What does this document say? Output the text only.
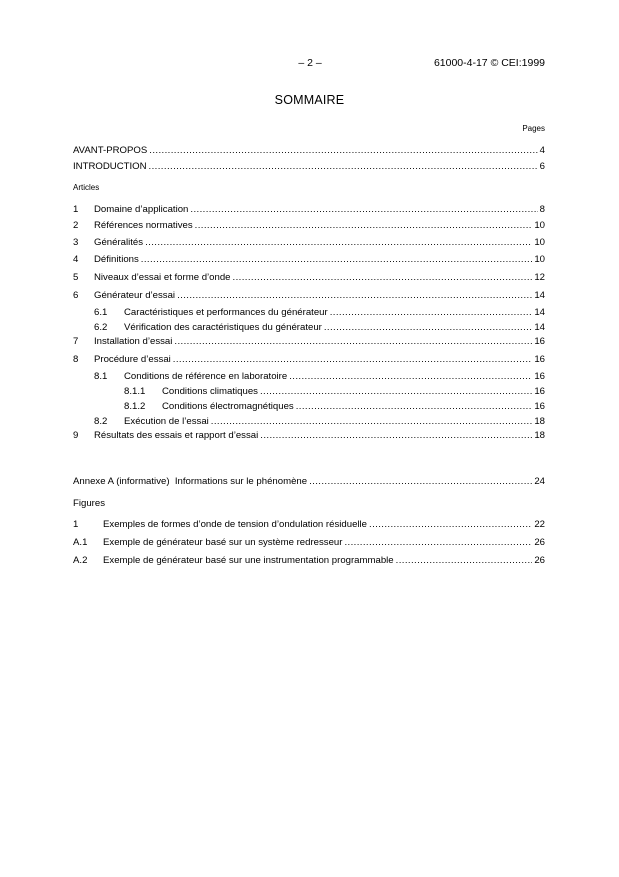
– 2 –	61000-4-17 © CEI:1999
SOMMAIRE
Pages
AVANT-PROPOS .....	4
INTRODUCTION .....	6
Articles
1	Domaine d’application .....	8
2	Références normatives .....	10
3	Généralités .....	10
4	Définitions .....	10
5	Niveaux d’essai et forme d’onde .....	12
6	Générateur d’essai .....	14
6.1	Caractéristiques et performances du générateur .....	14
6.2	Vérification des caractéristiques du générateur .....	14
7	Installation d’essai .....	16
8	Procédure d’essai .....	16
8.1	Conditions de référence en laboratoire .....	16
8.1.1	Conditions climatiques .....	16
8.1.2	Conditions électromagnétiques .....	16
8.2	Exécution de l’essai .....	18
9	Résultats des essais et rapport d’essai .....	18
Annexe A (informative)  Informations sur le phénomène .....	24
Figures
1	Exemples de formes d’onde de tension d’ondulation résiduelle .....	22
A.1	Exemple de générateur basé sur un système redresseur .....	26
A.2	Exemple de générateur basé sur une instrumentation programmable .....	26
